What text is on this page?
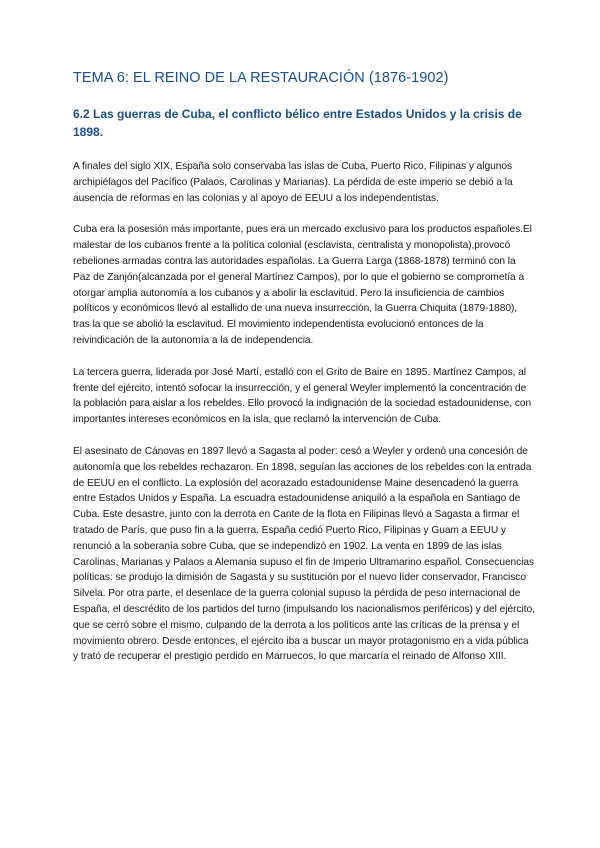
TEMA 6: EL REINO DE LA RESTAURACIÓN (1876-1902)
6.2 Las guerras de Cuba, el conflicto bélico entre Estados Unidos y la crisis de 1898.

A finales del siglo XIX, España solo conservaba las islas de Cuba, Puerto Rico, Filipinas y algunos archipiélagos del Pacífico (Palaos, Carolinas y Marianas). La pérdida de este imperio se debió a la ausencia de reformas en las colonias y al apoyo de EEUU a los independentistas.

Cuba era la posesión más importante, pues era un mercado exclusivo para los productos españoles.El malestar de los cubanos frente a la política colonial (esclavista, centralista y monopolista),provocó rebeliones armadas contra las autoridades españolas. La Guerra Larga (1868-1878) terminó con la Paz de Zanjón(alcanzada por el general Martínez Campos), por lo que el gobierno se comprometía a otorgar amplia autonomía a los cubanos y a abolir la esclavitud. Pero la insuficiencia de cambios políticos y económicos llevó al estallido de una nueva insurrección, la Guerra Chiquita (1879-1880), tras la que se abolió la esclavitud. El movimiento independentista evolucionó entonces de la reivindicación de la autonomía a la de independencia.

La tercera guerra, liderada por José Martí, estalló con el Grito de Baire en 1895. Martínez Campos, al frente del ejército, intentó sofocar la insurrección, y el general Weyler implementó la concentración de la población para aislar a los rebeldes. Ello provocó la indignación de la sociedad estadounidense, con importantes intereses económicos en la isla, que reclamó la intervención de Cuba.

El asesinato de Cánovas en 1897 llevó a Sagasta al poder: cesó a Weyler y ordenó una concesión de autonomía que los rebeldes rechazaron. En 1898, seguían las acciones de los rebeldes con la entrada de EEUU en el conflicto. La explosión del acorazado estadounidense Maine desencadenó la guerra entre Estados Unidos y España. La escuadra estadounidense aniquiló a la española en Santiago de Cuba. Este desastre, junto con la derrota en Cante de la flota en Filipinas llevó a Sagasta a firmar el tratado de París, que puso fin a la guerra. España cedió Puerto Rico, Filipinas y Guam a EEUU y renunció a la soberanía sobre Cuba, que se independizó en 1902. La venta en 1899 de las islas Carolinas, Marianas y Palaos a Alemania supuso el fin de Imperio Ultramarino español. Consecuencias políticas: se produjo la dimisión de Sagasta y su sustitución por el nuevo líder conservador, Francisco Silvela. Por otra parte, el desenlace de la guerra colonial supuso la pérdida de peso internacional de España, el descrédito de los partidos del turno (impulsando los nacionalismos periféricos) y del ejército, que se cerró sobre el mismo, culpando de la derrota a los políticos ante las críticas de la prensa y el movimiento obrero. Desde entonces, el ejército iba a buscar un mayor protagonismo en a vida pública y trató de recuperar el prestigio perdido en Marruecos, lo que marcaría el reinado de Alfonso XIII.
